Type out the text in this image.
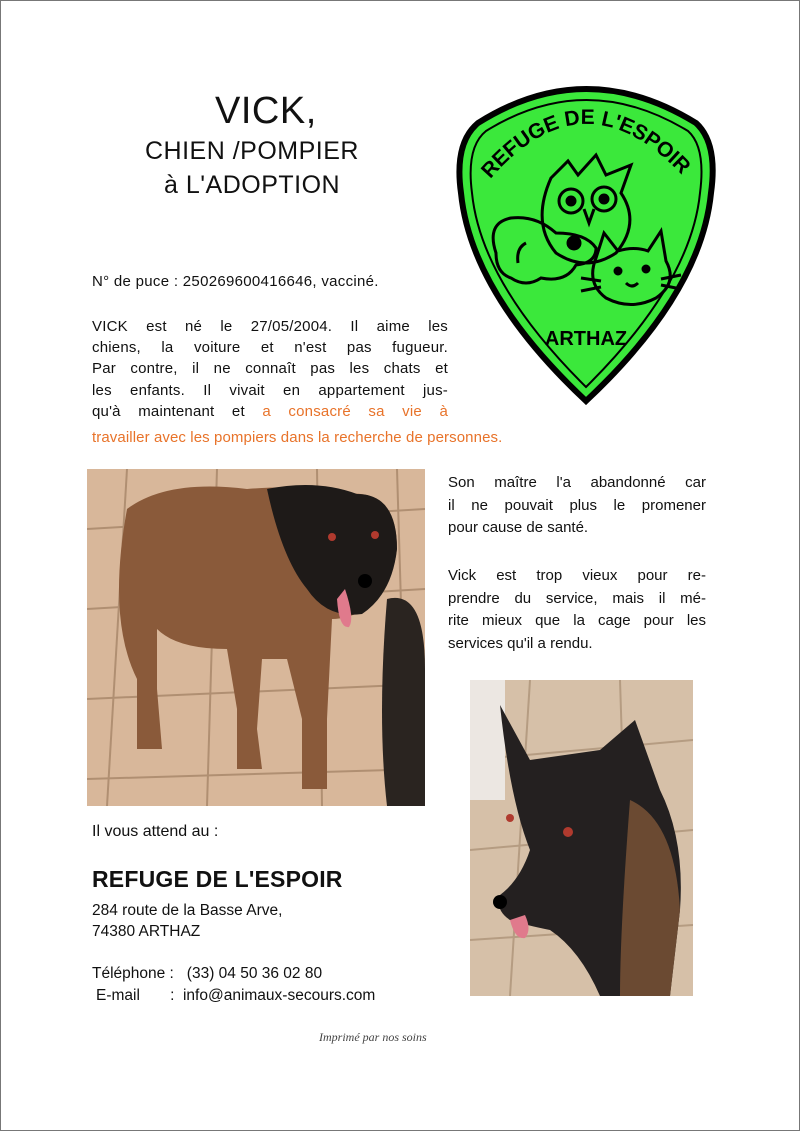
VICK,
CHIEN /POMPIER
à L'ADOPTION
REFUGE DE L'ESPOIR
ARTHAZ
N° de puce : 250269600416646, vacciné.
VICK est né le 27/05/2004. Il aime les
chiens, la voiture et n'est pas fugueur.
Par contre, il ne connaît pas les chats et
les enfants. Il vivait en appartement jus-
qu'à maintenant et a consacré sa vie à
travailler avec les pompiers dans la recherche de personnes.
Son maître l'a abandonné car
il ne pouvait plus le promener
pour cause de santé.
Vick est trop vieux pour re-
prendre du service, mais il mé-
rite mieux que la cage pour les
services qu'il a rendu.
Il vous attend au :
REFUGE DE L'ESPOIR
284 route de la Basse Arve,
74380 ARTHAZ
Téléphone :   (33) 04 50 36 02 80
E-mail       :  info@animaux-secours.com
Imprimé par nos soins
